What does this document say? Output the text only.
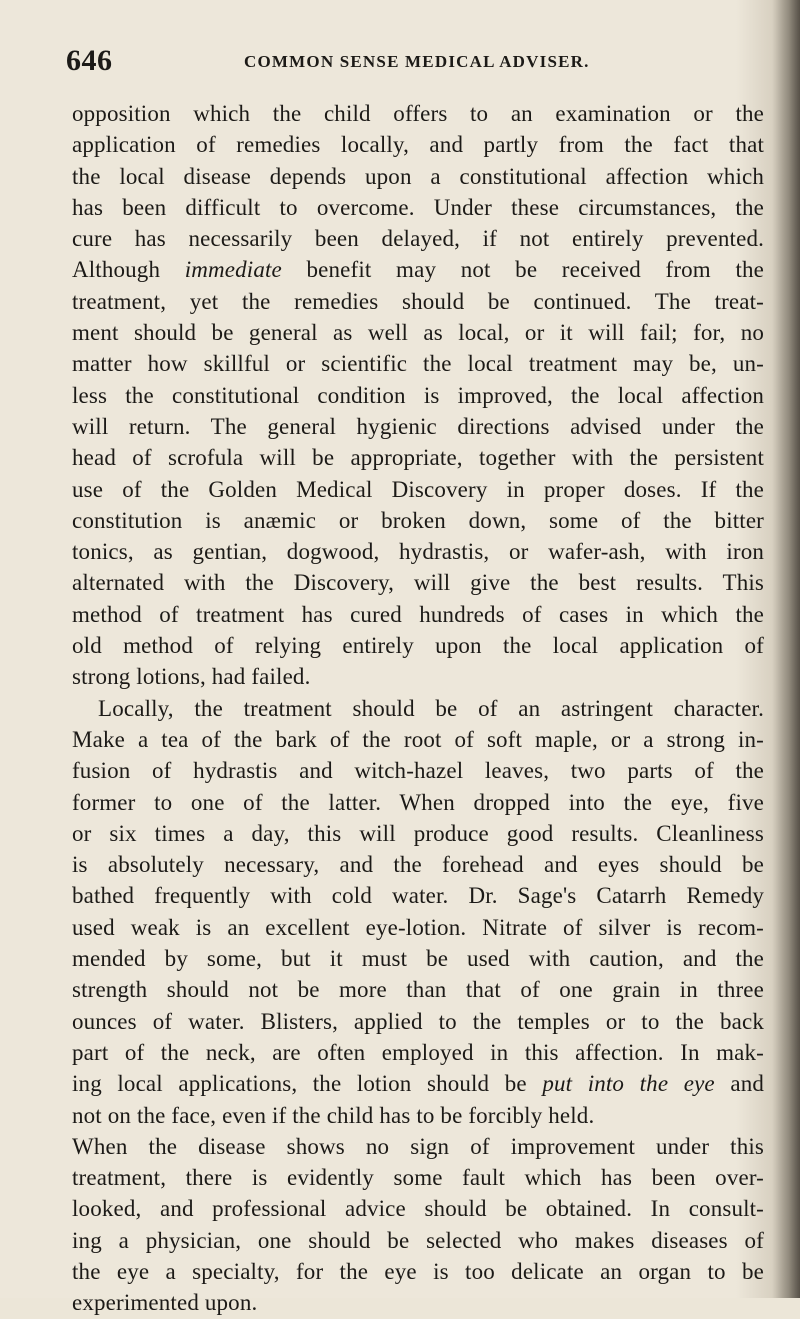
646	COMMON SENSE MEDICAL ADVISER.
opposition which the child offers to an examination or the
application of remedies locally, and partly from the fact that
the local disease depends upon a constitutional affection which
has been difficult to overcome. Under these circumstances, the
cure has necessarily been delayed, if not entirely prevented.
Although immediate benefit may not be received from the
treatment, yet the remedies should be continued. The treat-
ment should be general as well as local, or it will fail; for, no
matter how skillful or scientific the local treatment may be, un-
less the constitutional condition is improved, the local affection
will return. The general hygienic directions advised under the
head of scrofula will be appropriate, together with the persistent
use of the Golden Medical Discovery in proper doses. If the
constitution is anæmic or broken down, some of the bitter
tonics, as gentian, dogwood, hydrastis, or wafer-ash, with iron
alternated with the Discovery, will give the best results. This
method of treatment has cured hundreds of cases in which the
old method of relying entirely upon the local application of
strong lotions, had failed.
Locally, the treatment should be of an astringent character.
Make a tea of the bark of the root of soft maple, or a strong in-
fusion of hydrastis and witch-hazel leaves, two parts of the
former to one of the latter. When dropped into the eye, five
or six times a day, this will produce good results. Cleanliness
is absolutely necessary, and the forehead and eyes should be
bathed frequently with cold water. Dr. Sage's Catarrh Remedy
used weak is an excellent eye-lotion. Nitrate of silver is recom-
mended by some, but it must be used with caution, and the
strength should not be more than that of one grain in three
ounces of water. Blisters, applied to the temples or to the back
part of the neck, are often employed in this affection. In mak-
ing local applications, the lotion should be put into the eye and
not on the face, even if the child has to be forcibly held.
When the disease shows no sign of improvement under this
treatment, there is evidently some fault which has been over-
looked, and professional advice should be obtained. In consult-
ing a physician, one should be selected who makes diseases of
the eye a specialty, for the eye is too delicate an organ to be
experimented upon.
